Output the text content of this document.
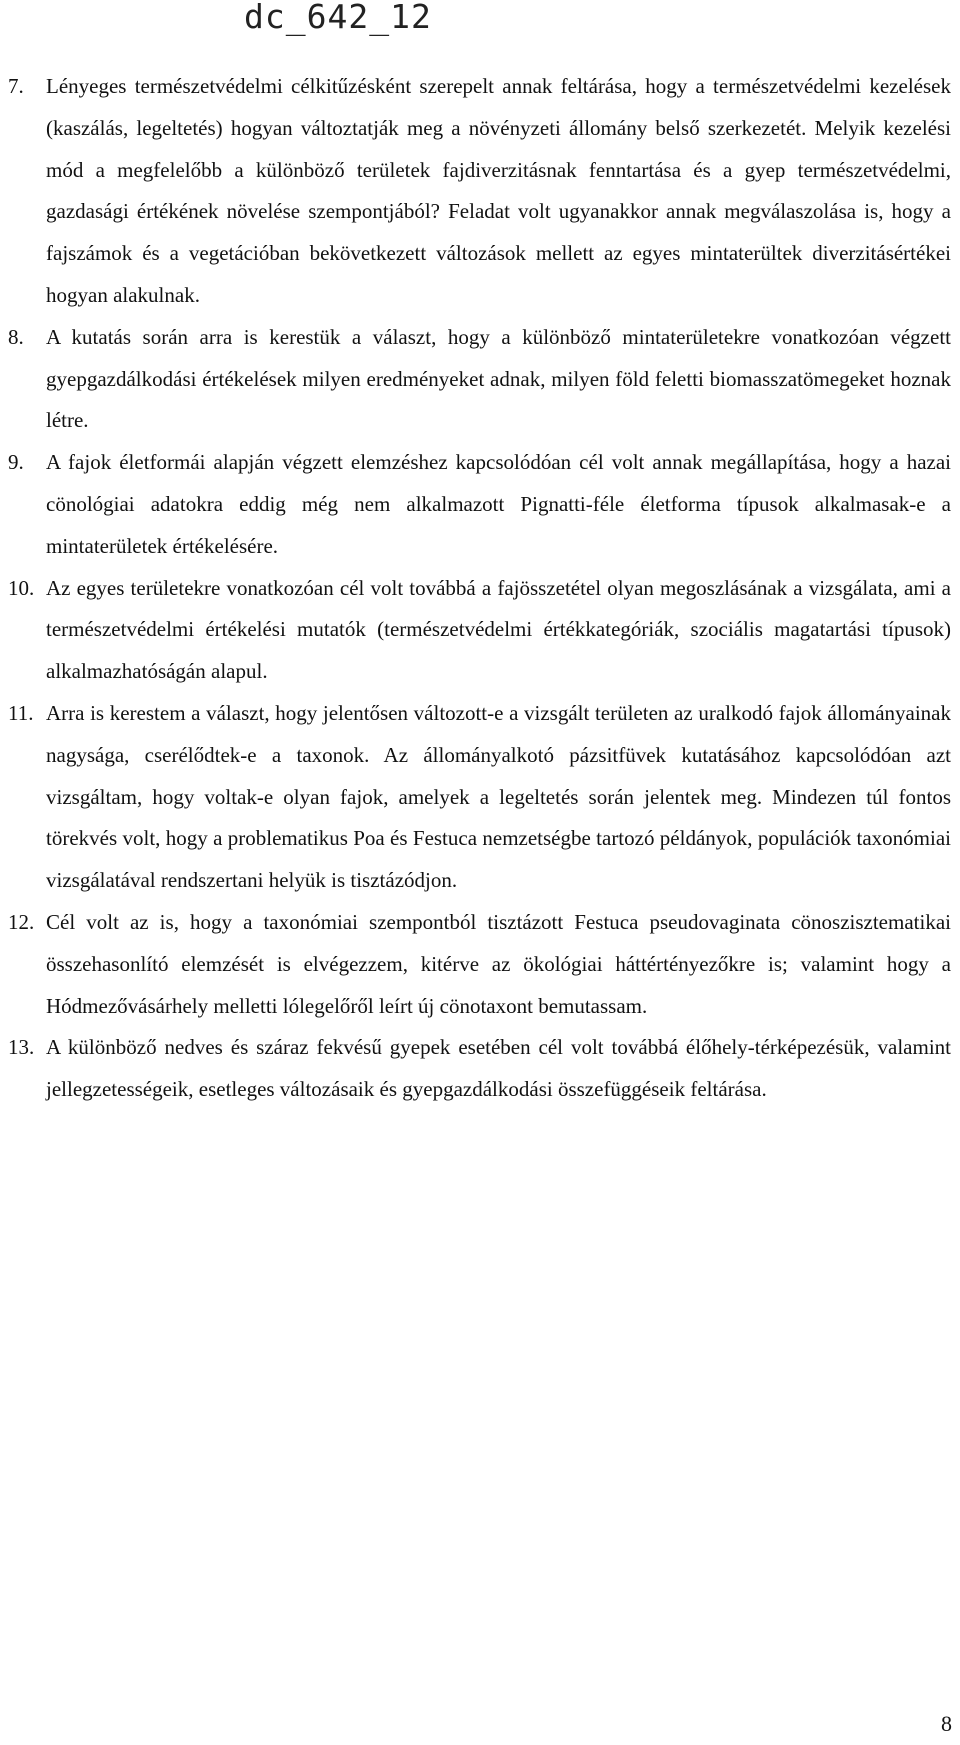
dc_642_12
7. Lényeges természetvédelmi célkitűzésként szerepelt annak feltárása, hogy a természetvédelmi kezelések (kaszálás, legeltetés) hogyan változtatják meg a növényzeti állomány belső szerkezetét. Melyik kezelési mód a megfelelőbb a különböző területek fajdiverzitásnak fenntartása és a gyep természetvédelmi, gazdasági értékének növelése szempontjából? Feladat volt ugyanakkor annak megválaszolása is, hogy a fajszámok és a vegetációban bekövetkezett változások mellett az egyes mintaterültek diverzitásértékei hogyan alakulnak.
8. A kutatás során arra is kerestük a választ, hogy a különböző mintaterületekre vonatkozóan végzett gyepgazdálkodási értékelések milyen eredményeket adnak, milyen föld feletti biomasszatömegeket hoznak létre.
9. A fajok életformái alapján végzett elemzéshez kapcsolódóan cél volt annak megállapítása, hogy a hazai cönológiai adatokra eddig még nem alkalmazott Pignatti-féle életforma típusok alkalmasak-e a mintaterületek értékelésére.
10. Az egyes területekre vonatkozóan cél volt továbbá a fajösszetétel olyan megoszlásának a vizsgálata, ami a természetvédelmi értékelési mutatók (természetvédelmi értékkategóriák, szociális magatartási típusok) alkalmazhatóságán alapul.
11. Arra is kerestem a választ, hogy jelentősen változott-e a vizsgált területen az uralkodó fajok állományainak nagysága, cserélődtek-e a taxonok. Az állományalkotó pázsitfüvek kutatásához kapcsolódóan azt vizsgáltam, hogy voltak-e olyan fajok, amelyek a legeltetés során jelentek meg. Mindezen túl fontos törekvés volt, hogy a problematikus Poa és Festuca nemzetségbe tartozó példányok, populációk taxonómiai vizsgálatával rendszertani helyük is tisztázódjon.
12. Cél volt az is, hogy a taxonómiai szempontból tisztázott Festuca pseudovaginata cönoszisztematikai összehasonlító elemzését is elvégezzem, kitérve az ökológiai háttértényezőkre is; valamint hogy a Hódmezővásárhely melletti lólegelőről leírt új cönotaxont bemutassam.
13. A különböző nedves és száraz fekvésű gyepek esetében cél volt továbbá élőhely-térképezésük, valamint jellegzetességeik, esetleges változásaik és gyepgazdálkodási összefüggéseik feltárása.
8
